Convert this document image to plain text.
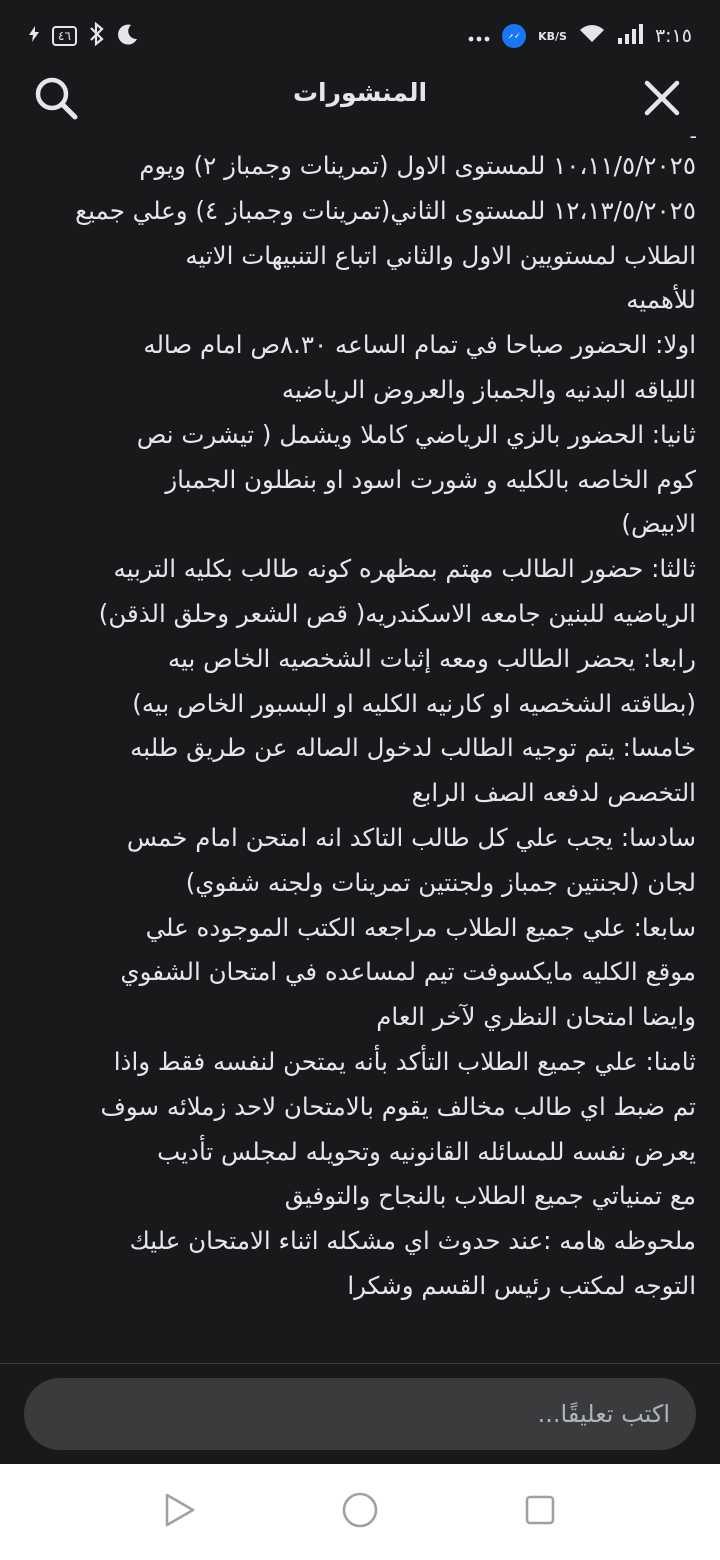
٤٦	KB/S	٣:١٥
المنشورات
ـ
١٠،١١/٥/٢٠٢٥ للمستوى الاول (تمرينات وجمباز ٢) ويوم
١٢،١٣/٥/٢٠٢٥ للمستوى الثاني(تمرينات وجمباز ٤) وعلي جميع
الطلاب لمستويين الاول والثاني اتباع التنبيهات الاتيه
للأهميه
اولا: الحضور صباحا في تمام الساعه ٨.٣٠ص امام صاله
اللياقه البدنيه والجمباز والعروض الرياضيه
ثانيا: الحضور بالزي الرياضي كاملا ويشمل ( تيشرت نص
كوم الخاصه بالكليه و شورت اسود او بنطلون الجمباز
الابيض)
ثالثا: حضور الطالب مهتم بمظهره كونه طالب بكليه التربيه
الرياضيه للبنين جامعه الاسكندريه( قص الشعر وحلق الذقن)
رابعا: يحضر الطالب ومعه إثبات الشخصيه الخاص بيه
(بطاقته الشخصيه او كارنيه الكليه او البسبور الخاص بيه)
خامسا: يتم توجيه الطالب لدخول الصاله عن طريق طلبه
التخصص لدفعه الصف الرابع
سادسا: يجب علي كل طالب التاكد انه امتحن امام خمس
لجان (لجنتين جمباز ولجنتين تمرينات ولجنه شفوي)
سابعا: علي جميع الطلاب مراجعه الكتب الموجوده علي
موقع الكليه مايكسوفت تيم لمساعده في امتحان الشفوي
وايضا امتحان النظري لآخر العام
ثامنا: علي جميع الطلاب التأكد بأنه يمتحن لنفسه فقط واذا
تم ضبط اي طالب مخالف يقوم بالامتحان لاحد زملائه سوف
يعرض نفسه للمسائله القانونيه وتحويله لمجلس تأديب
مع تمنياتي جميع الطلاب بالنجاح والتوفيق
ملحوظه هامه :عند حدوث اي مشكله اثناء الامتحان عليك
التوجه لمكتب رئيس القسم وشكرا
اكتب تعليقًا...
